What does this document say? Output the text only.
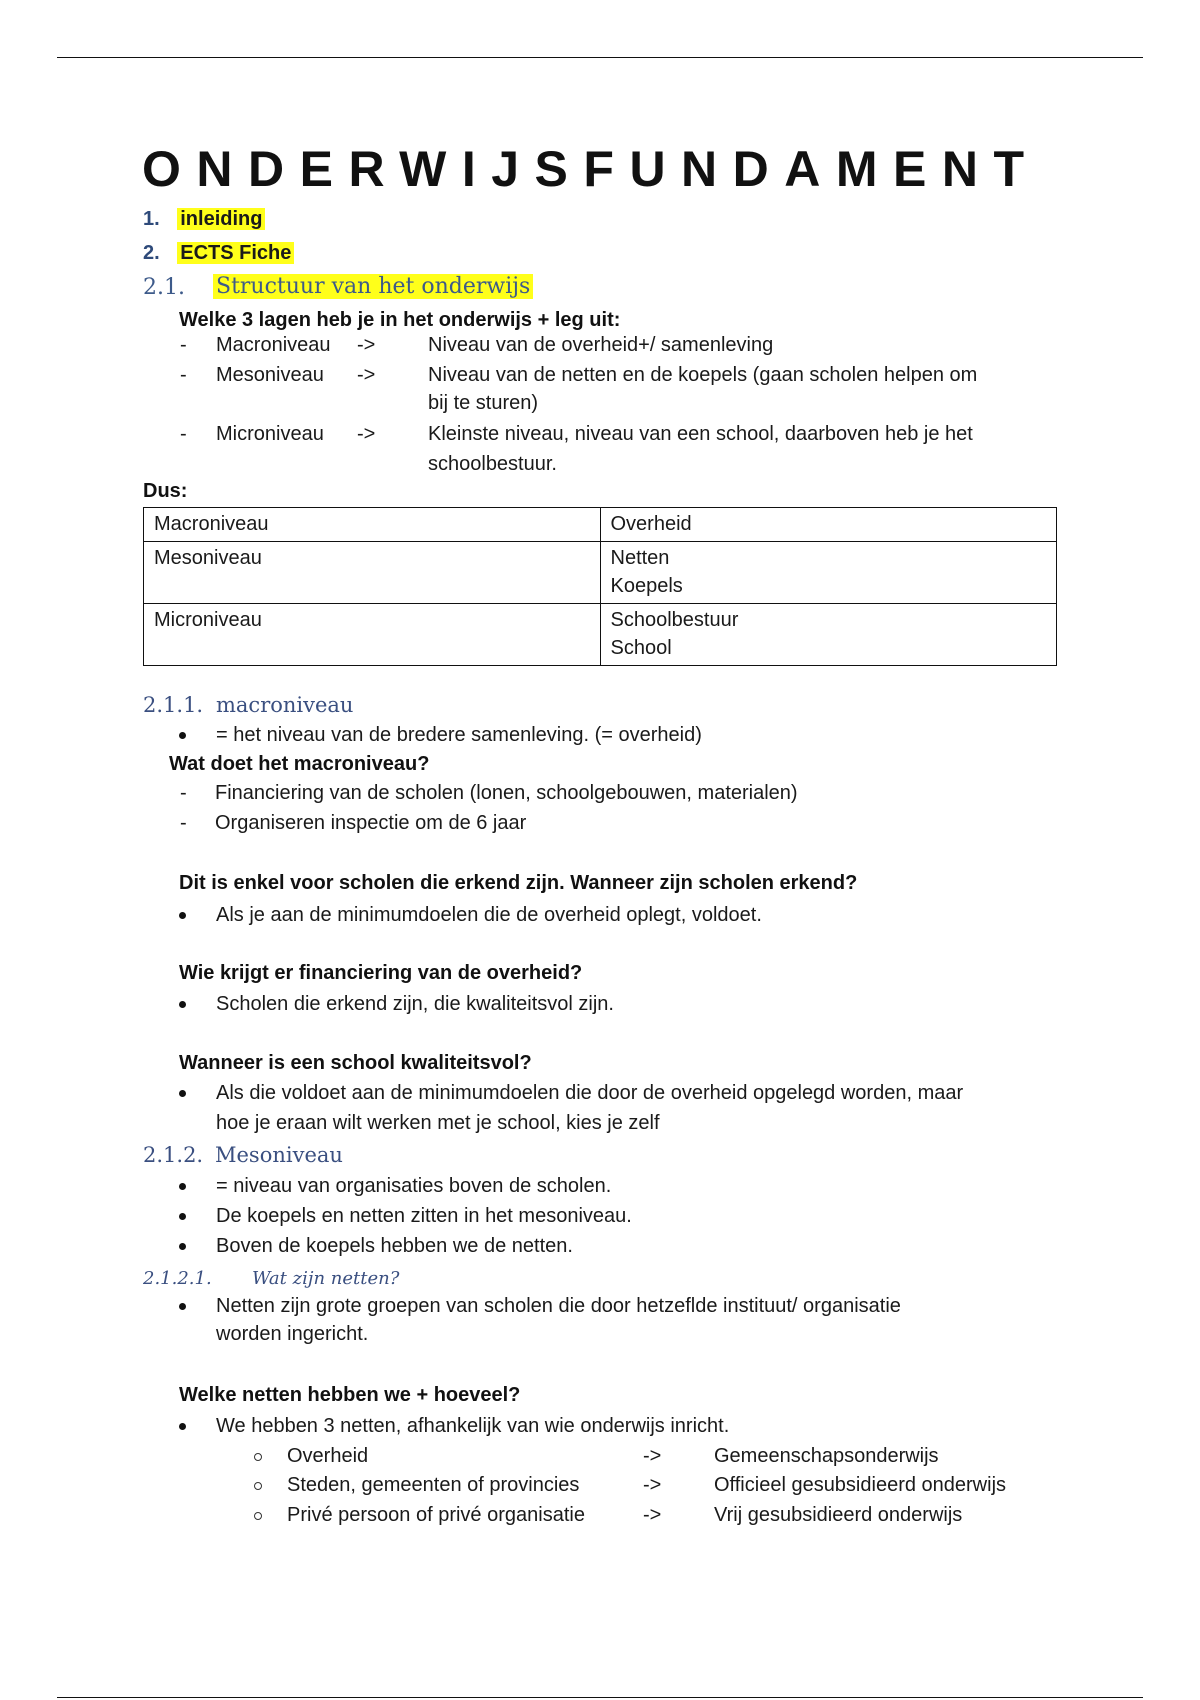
ONDERWIJSFUNDAMENT
1. inleiding
2. ECTS Fiche
2.1. Structuur van het onderwijs
Welke 3 lagen heb je in het onderwijs + leg uit:
- Macroniveau ->	Niveau van de overheid+/ samenleving
- Mesoniveau ->	Niveau van de netten en de koepels (gaan scholen helpen om
bij te sturen)
- Microniveau ->	Kleinste niveau, niveau van een school, daarboven heb je het
schoolbestuur.
Dus:
Macroniveau	Overheid

Mesoniveau	Netten
Koepels

Microniveau	Schoolbestuur
School
2.1.1. macroniveau
= het niveau van de bredere samenleving. (= overheid)
Wat doet het macroniveau?
- Financiering van de scholen (lonen, schoolgebouwen, materialen)
- Organiseren inspectie om de 6 jaar
Dit is enkel voor scholen die erkend zijn. Wanneer zijn scholen erkend?
Als je aan de minimumdoelen die de overheid oplegt, voldoet.
Wie krijgt er financiering van de overheid?
Scholen die erkend zijn, die kwaliteitsvol zijn.
Wanneer is een school kwaliteitsvol?
Als die voldoet aan de minimumdoelen die door de overheid opgelegd worden, maar
hoe je eraan wilt werken met je school, kies je zelf
2.1.2. Mesoniveau
= niveau van organisaties boven de scholen.
De koepels en netten zitten in het mesoniveau.
Boven de koepels hebben we de netten.
2.1.2.1. Wat zijn netten?
Netten zijn grote groepen van scholen die door hetzeflde instituut/ organisatie
worden ingericht.
Welke netten hebben we + hoeveel?
We hebben 3 netten, afhankelijk van wie onderwijs inricht.
Overheid	->	Gemeenschapsonderwijs
Steden, gemeenten of provincies	->	Officieel gesubsidieerd onderwijs
Privé persoon of privé organisatie	->	Vrij gesubsidieerd onderwijs
